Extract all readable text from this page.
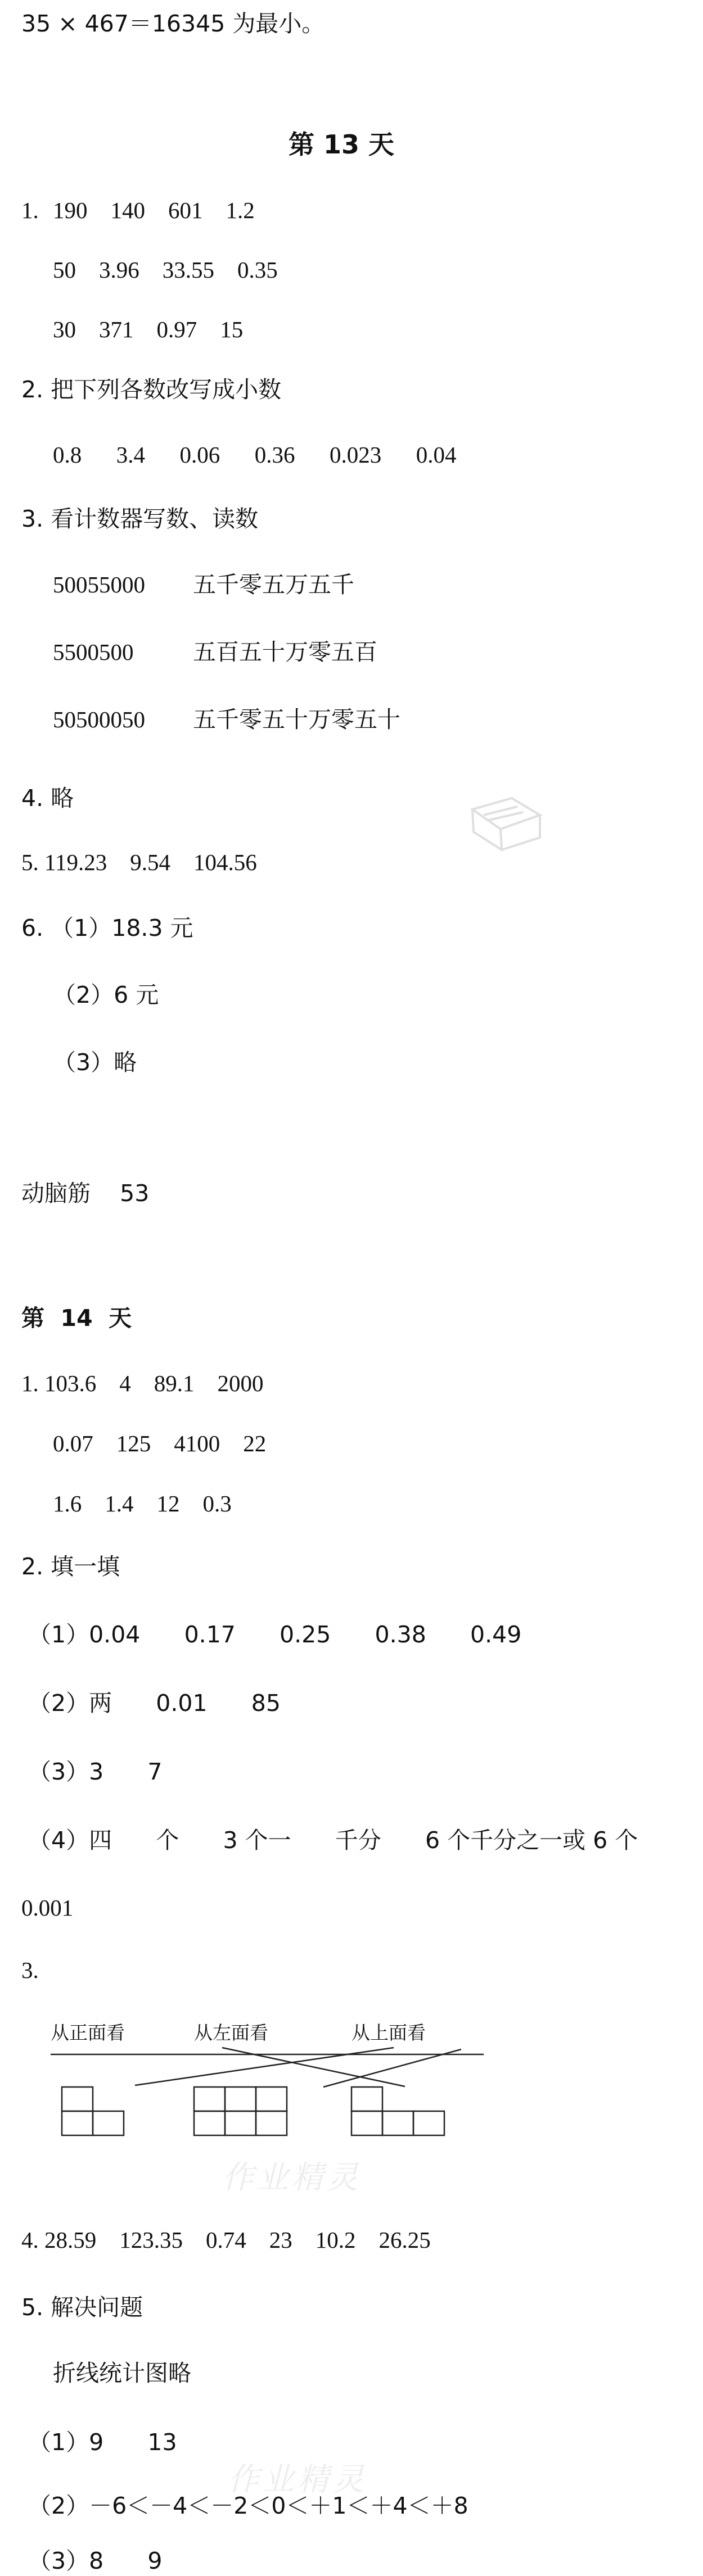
35 × 467＝16345 为最小。
第 13 天
1. 190    140    601    1.2
50    3.96    33.55    0.35
30    371    0.97    15
2. 把下列各数改写成小数
0.8      3.4      0.06      0.36      0.023      0.04
3. 看计数器写数、读数
50055000 五千零五万五千
5500500	五百五十万零五百
50500050 五千零五十万零五十
4. 略
5. 119.23    9.54    104.56
6. （1）18.3 元
（2）6 元
（3）略
动脑筋    53
第  14  天
1. 103.6    4    89.1    2000
0.07    125    4100    22
1.6    1.4    12    0.3
2. 填一填
（1）0.04      0.17      0.25      0.38      0.49
（2）两      0.01      85
（3）3      7
（4）四      个      3 个一      千分      6 个千分之一或 6 个
0.001
3.
从正面看	从左面看	从上面看

作业精灵

4. 28.59    123.35    0.74    23    10.2    26.25
5. 解决问题
折线统计图略
（1）9      13
（2）－6＜－4＜－2＜0＜＋1＜＋4＜＋8
（3）8      9

作业精灵
